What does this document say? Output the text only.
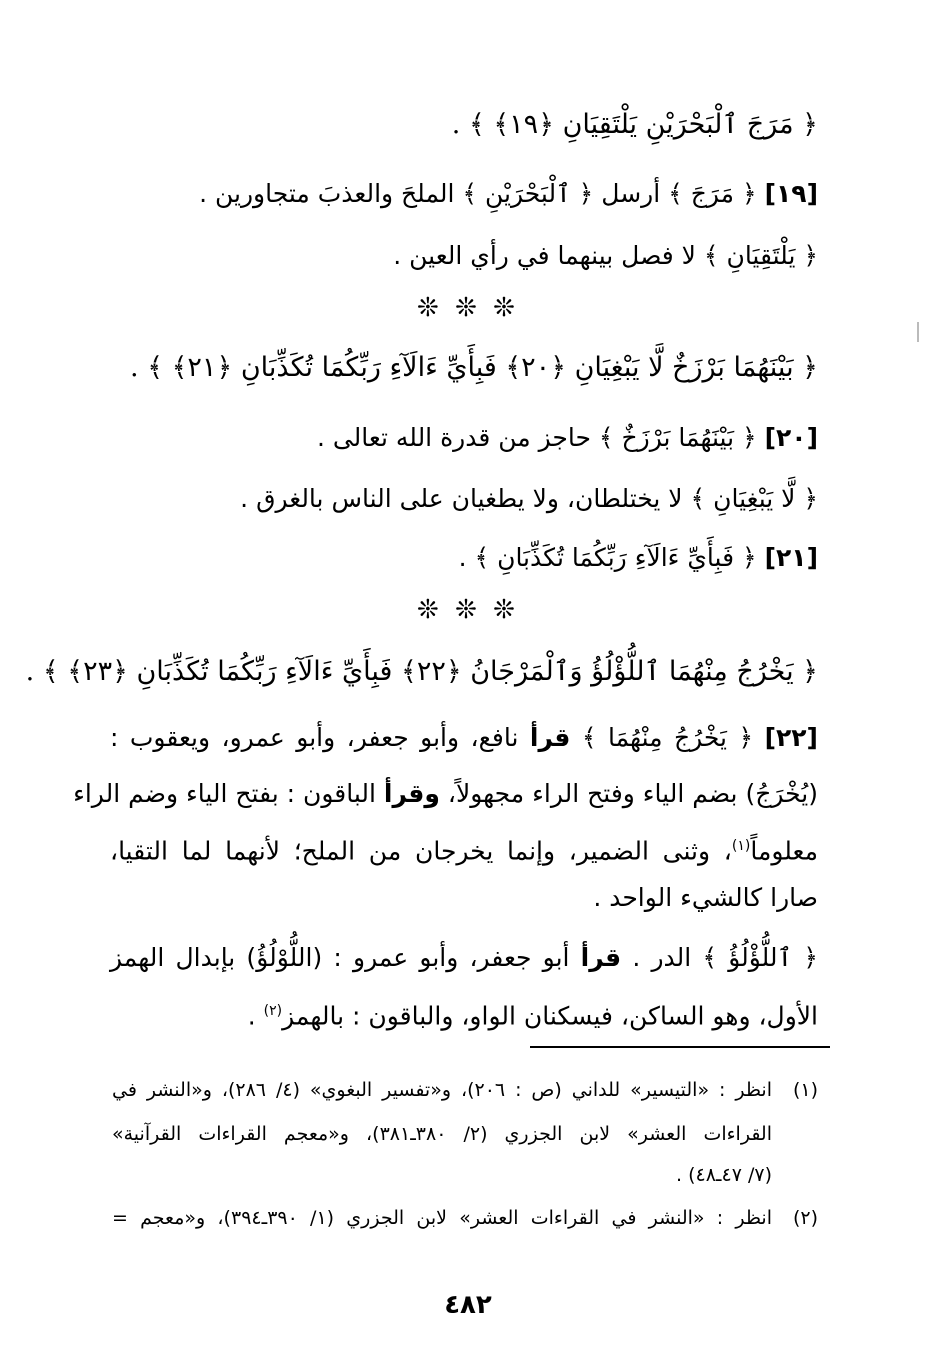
﴿ مَرَجَ ٱلْبَحْرَيْنِ يَلْتَقِيَانِ ﴿١٩﴾ ﴾ .
[١٩] ﴿ مَرَجَ ﴾ أرسل ﴿ ٱلْبَحْرَيْنِ ﴾ الملحَ والعذبَ متجاورين .
﴿ يَلْتَقِيَانِ ﴾ لا فصل بينهما في رأي العين .
❊ ❊ ❊
﴿ بَيْنَهُمَا بَرْزَخٌ لَّا يَبْغِيَانِ ﴿٢٠﴾ فَبِأَيِّ ءَالَآءِ رَبِّكُمَا تُكَذِّبَانِ ﴿٢١﴾ ﴾ .
[٢٠] ﴿ بَيْنَهُمَا بَرْزَخٌ ﴾ حاجز من قدرة الله تعالى .
﴿ لَّا يَبْغِيَانِ ﴾ لا يختلطان، ولا يطغيان على الناس بالغرق .
[٢١] ﴿ فَبِأَيِّ ءَالَآءِ رَبِّكُمَا تُكَذِّبَانِ ﴾ .
❊ ❊ ❊
﴿ يَخْرُجُ مِنْهُمَا ٱللُّؤْلُؤُ وَٱلْمَرْجَانُ ﴿٢٢﴾ فَبِأَيِّ ءَالَآءِ رَبِّكُمَا تُكَذِّبَانِ ﴿٢٣﴾ ﴾ .
[٢٢] ﴿ يَخْرُجُ مِنْهُمَا ﴾ قرأ نافع، وأبو جعفر، وأبو عمرو، ويعقوب :
(يُخْرَجُ) بضم الياء وفتح الراء مجهولاً، وقرأ الباقون : بفتح الياء وضم الراء
معلوماً$^{(١)}$، وثنى الضمير، وإنما يخرجان من الملح؛ لأنهما لما التقيا،
صارا كالشيء الواحد .
﴿ ٱللُّؤْلُؤُ ﴾ الدر . قرأ أبو جعفر، وأبو عمرو : (اللُّوْلُؤُ) بإبدال الهمز
الأول، وهو الساكن، فيسكنان الواو، والباقون : بالهمز$^{(٢)}$ .
(١)
انظر : «التيسير» للداني (ص : ٢٠٦)، و«تفسير البغوي» (٤/ ٢٨٦)، و«النشر في
القراءات العشر» لابن الجزري (٢/ ٣٨٠ـ٣٨١)، و«معجم القراءات القرآنية»
(٧/ ٤٧ـ٤٨) .
(٢)
انظر : «النشر في القراءات العشر» لابن الجزري (١/ ٣٩٠ـ٣٩٤)، و«معجم =
٤٨٢
